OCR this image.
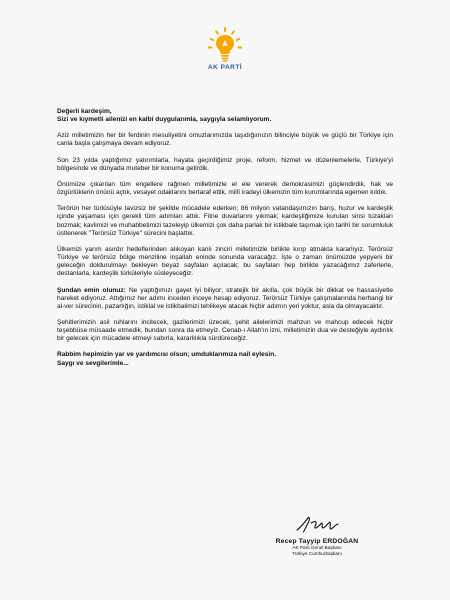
AK PARTİ
Değerli kardeşim,
Sizi ve kıymetli ailenizi en kalbî duygularımla, saygıyla selamlıyorum.

Aziz milletimizin her bir ferdinin mesuliyetini omuzlarımızda taşıdığımızın bilinciyle büyük ve güçlü bir Türkiye için canla başla çalışmaya devam ediyoruz.

Son 23 yılda yaptığımız yatırımlarla, hayata geçirdiğimiz proje, reform, hizmet ve düzenlemelerle, Türkiye'yi bölgesinde ve dünyada muteber bir konuma getirdik.

Önümüze çıkarılan tüm engellere rağmen milletimizle el ele vererek demokrasimizi güçlendirdik, hak ve özgürlüklerin önünü açtık, vesayet odaklarını bertaraf ettik, millî iradeyi ülkemizin tüm kurumlarında egemen kıldık.

Terörün her türlüsüyle tavizsiz bir şekilde mücadele ederken; 86 milyon vatandaşımızın barış, huzur ve kardeşlik içinde yaşaması için gerekli tüm adımları attık. Fitne duvarlarını yıkmak; kardeşliğimize kurulan sinsi tuzakları bozmak; kavlimizi ve muhabbetimizi tazeleyip ülkemizi çok daha parlak bir istikbale taşımak için tarihî bir sorumluluk üstlenerek "Terörsüz Türkiye" sürecini başlattık.

Ülkemizi yarım asırdır hedeflerinden alıkoyan kanlı zinciri milletimizle birlikte kırıp atmakta kararlıyız. Terörsüz Türkiye ve terörsüz bölge menziline inşallah eninde sonunda varacağız. İşte o zaman önümüzde yepyeni bir geleceğin doldurulmayı bekleyen beyaz sayfaları açılacak; bu sayfaları hep birlikte yazacağımız zaferlerle, destanlarla, kardeşlik türküleriyle süsleyeceğiz.

Şundan emin olunuz: Ne yaptığımızı gayet iyi biliyor; stratejik bir akılla, çok büyük bir dikkat ve hassasiyetle hareket ediyoruz. Attığımız her adımı inceden inceye hesap ediyoruz. Terörsüz Türkiye çalışmalarında herhangi bir al-ver sürecinin, pazarlığın, istiklal ve istikbalimizi tehlikeye atacak hiçbir adımın yeri yoktur, asla da olmayacaktır.

Şehitlerimizin asil ruhlarını incitecek, gazilerimizi üzecek, şehit ailelerimizi mahzun ve mahcup edecek hiçbir teşebbüse müsaade etmedik, bundan sonra da etmeyiz. Cenab-ı Allah'ın izni, milletimizin dua ve desteğiyle aydınlık bir gelecek için mücadele etmeyi sabırla, kararlılıkla sürdüreceğiz.

Rabbim hepimizin yar ve yardımcısı olsun; umduklarımıza nail eylesin.
Saygı ve sevgilerimle...
Recep Tayyip ERDOĞAN
AK Parti Genel Başkanı
Türkiye Cumhurbaşkanı
